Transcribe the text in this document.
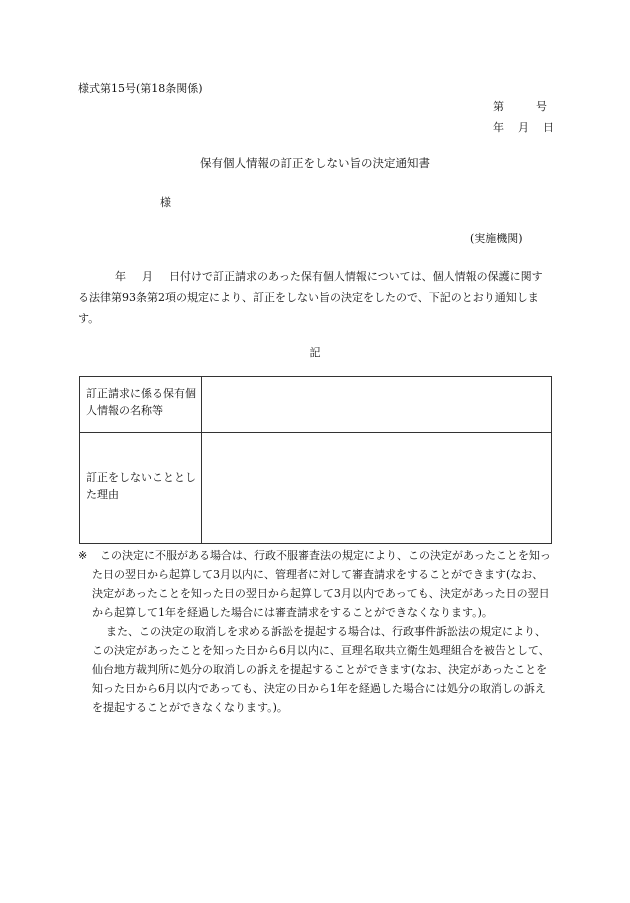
様式第15号(第18条関係)
第	号
年 月 日
保有個人情報の訂正をしない旨の決定通知書
様
(実施機関)

年 月 日付けで訂正請求のあった保有個人情報については、個人情報の保護に関する法律第93条第2項の規定により、訂正をしない旨の決定をしたので、下記のとおり通知します。

記
訂正請求に係る保有個人情報の名称等	
訂正をしないこととした理由	

※ この決定に不服がある場合は、行政不服審査法の規定により、この決定があったことを知った日の翌日から起算して3月以内に、管理者に対して審査請求をすることができます(なお、決定があったことを知った日の翌日から起算して3月以内であっても、決定があった日の翌日から起算して1年を経過した場合には審査請求をすることができなくなります。)。

また、この決定の取消しを求める訴訟を提起する場合は、行政事件訴訟法の規定により、この決定があったことを知った日から6月以内に、亘理名取共立衛生処理組合を被告として、仙台地方裁判所に処分の取消しの訴えを提起することができます(なお、決定があったことを知った日から6月以内であっても、決定の日から1年を経過した場合には処分の取消しの訴えを提起することができなくなります。)。
